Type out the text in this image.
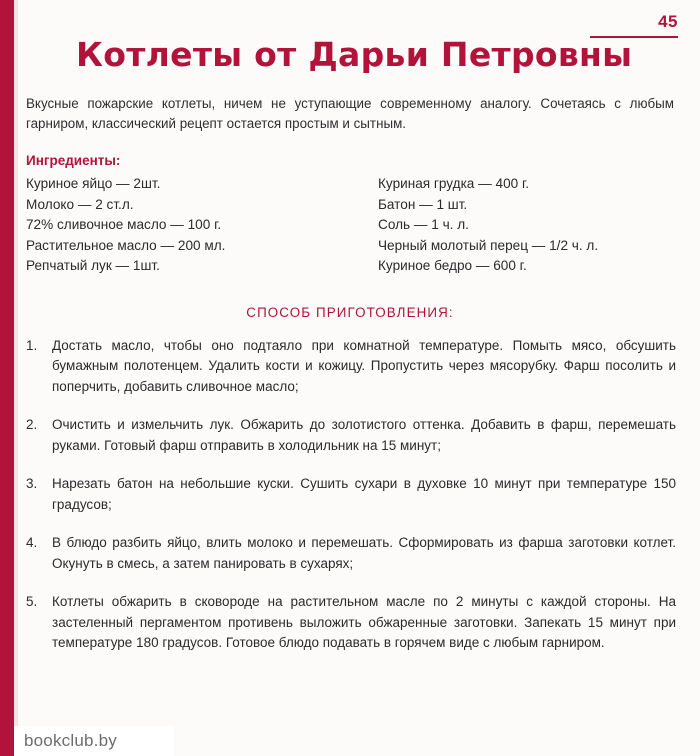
45
Котлеты от Дарьи Петровны

Вкусные пожарские котлеты, ничем не уступающие современному аналогу. Сочетаясь с любым гарниром, классический рецепт остается простым и сытным.

Ингредиенты:
Куриное яйцо — 2шт.
Молоко — 2 ст.л.
72% сливочное масло — 100 г.
Растительное масло — 200 мл.
Репчатый лук — 1шт.
Куриная грудка — 400 г.
Батон — 1 шт.
Соль — 1 ч. л.
Черный молотый перец — 1/2 ч. л.
Куриное бедро — 600 г.
СПОСОБ ПРИГОТОВЛЕНИЯ:
1.	Достать масло, чтобы оно подтаяло при комнатной температуре. Помыть мясо, обсушить бумажным полотенцем. Удалить кости и кожицу. Пропустить через мясорубку. Фарш посолить и поперчить, добавить сливочное масло;
2.	Очистить и измельчить лук. Обжарить до золотистого оттенка. Добавить в фарш, перемешать руками. Готовый фарш отправить в холодильник на 15 минут;
3.	Нарезать батон на небольшие куски. Сушить сухари в духовке 10 минут при температуре 150 градусов;
4.	В блюдо разбить яйцо, влить молоко и перемешать. Сформировать из фарша заготовки котлет. Окунуть в смесь, а затем панировать в сухарях;
5.	Котлеты обжарить в сковороде на растительном масле по 2 минуты с каждой стороны. На застеленный пергаментом противень выложить обжаренные заготовки. Запекать 15 минут при температуре 180 градусов. Готовое блюдо подавать в горячем виде с любым гарниром.
bookclub.by
